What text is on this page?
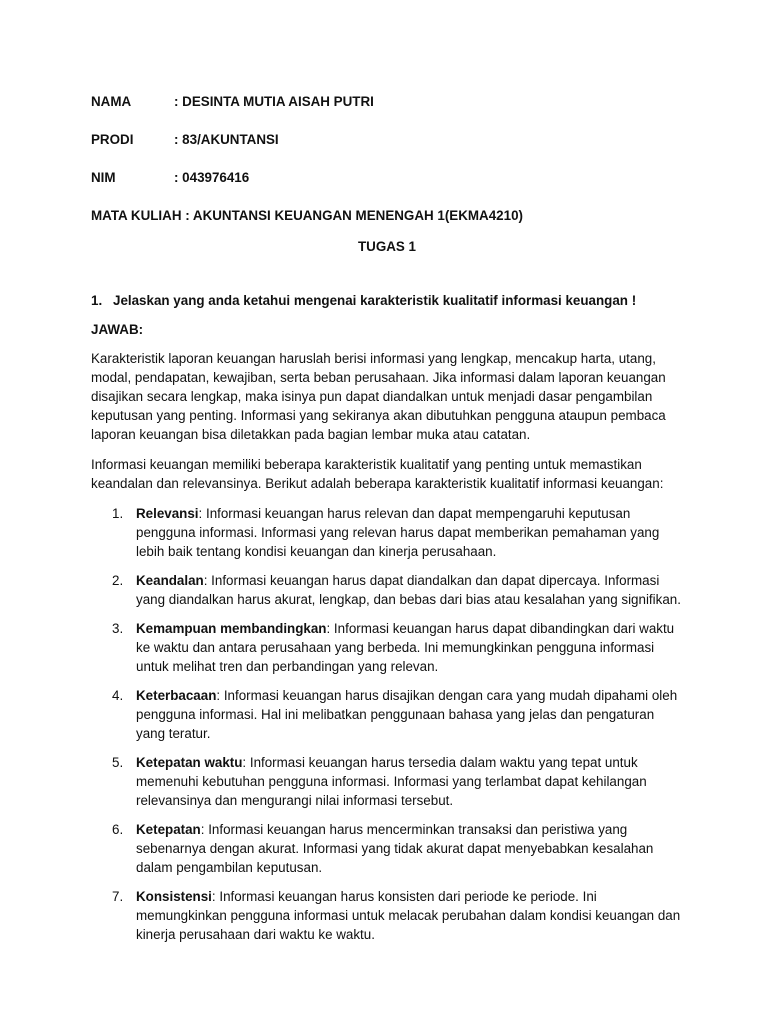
NAMA	: DESINTA MUTIA AISAH PUTRI
PRODI	: 83/AKUNTANSI
NIM	: 043976416
MATA KULIAH : AKUNTANSI KEUANGAN MENENGAH 1(EKMA4210)
TUGAS 1
1. Jelaskan yang anda ketahui mengenai karakteristik kualitatif informasi keuangan !
JAWAB:

Karakteristik laporan keuangan haruslah berisi informasi yang lengkap, mencakup harta, utang, modal, pendapatan, kewajiban, serta beban perusahaan. Jika informasi dalam laporan keuangan disajikan secara lengkap, maka isinya pun dapat diandalkan untuk menjadi dasar pengambilan keputusan yang penting. Informasi yang sekiranya akan dibutuhkan pengguna ataupun pembaca laporan keuangan bisa diletakkan pada bagian lembar muka atau catatan.

Informasi keuangan memiliki beberapa karakteristik kualitatif yang penting untuk memastikan keandalan dan relevansinya. Berikut adalah beberapa karakteristik kualitatif informasi keuangan:

1. Relevansi: Informasi keuangan harus relevan dan dapat mempengaruhi keputusan pengguna informasi. Informasi yang relevan harus dapat memberikan pemahaman yang lebih baik tentang kondisi keuangan dan kinerja perusahaan.
2. Keandalan: Informasi keuangan harus dapat diandalkan dan dapat dipercaya. Informasi yang diandalkan harus akurat, lengkap, dan bebas dari bias atau kesalahan yang signifikan.
3. Kemampuan membandingkan: Informasi keuangan harus dapat dibandingkan dari waktu ke waktu dan antara perusahaan yang berbeda. Ini memungkinkan pengguna informasi untuk melihat tren dan perbandingan yang relevan.
4. Keterbacaan: Informasi keuangan harus disajikan dengan cara yang mudah dipahami oleh pengguna informasi. Hal ini melibatkan penggunaan bahasa yang jelas dan pengaturan yang teratur.
5. Ketepatan waktu: Informasi keuangan harus tersedia dalam waktu yang tepat untuk memenuhi kebutuhan pengguna informasi. Informasi yang terlambat dapat kehilangan relevansinya dan mengurangi nilai informasi tersebut.
6. Ketepatan: Informasi keuangan harus mencerminkan transaksi dan peristiwa yang sebenarnya dengan akurat. Informasi yang tidak akurat dapat menyebabkan kesalahan dalam pengambilan keputusan.
7. Konsistensi: Informasi keuangan harus konsisten dari periode ke periode. Ini memungkinkan pengguna informasi untuk melacak perubahan dalam kondisi keuangan dan kinerja perusahaan dari waktu ke waktu.
